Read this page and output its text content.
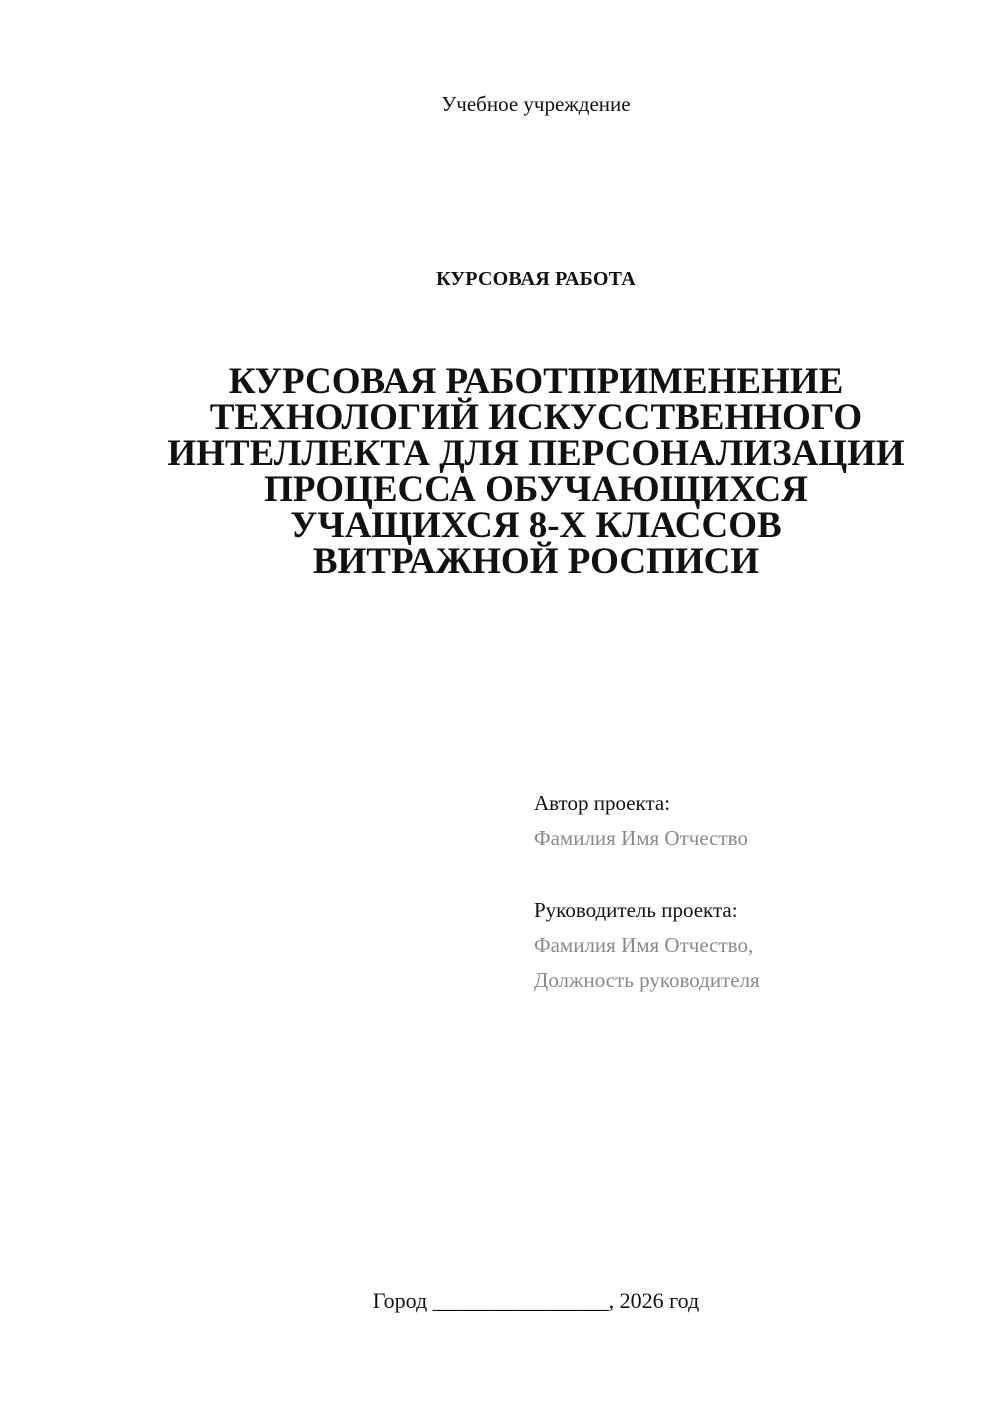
Учебное учреждение
КУРСОВАЯ РАБОТА
КУРСОВАЯ РАБОТПРИМЕНЕНИЕ
ТЕХНОЛОГИЙ ИСКУССТВЕННОГО
ИНТЕЛЛЕКТА ДЛЯ ПЕРСОНАЛИЗАЦИИ
ПРОЦЕССА ОБУЧАЮЩИХСЯ
УЧАЩИХСЯ 8-Х КЛАССОВ
ВИТРАЖНОЙ РОСПИСИ
Автор проекта:
Фамилия Имя Отчество
Руководитель проекта:
Фамилия Имя Отчество,
Должность руководителя
Город ________________, 2026 год
